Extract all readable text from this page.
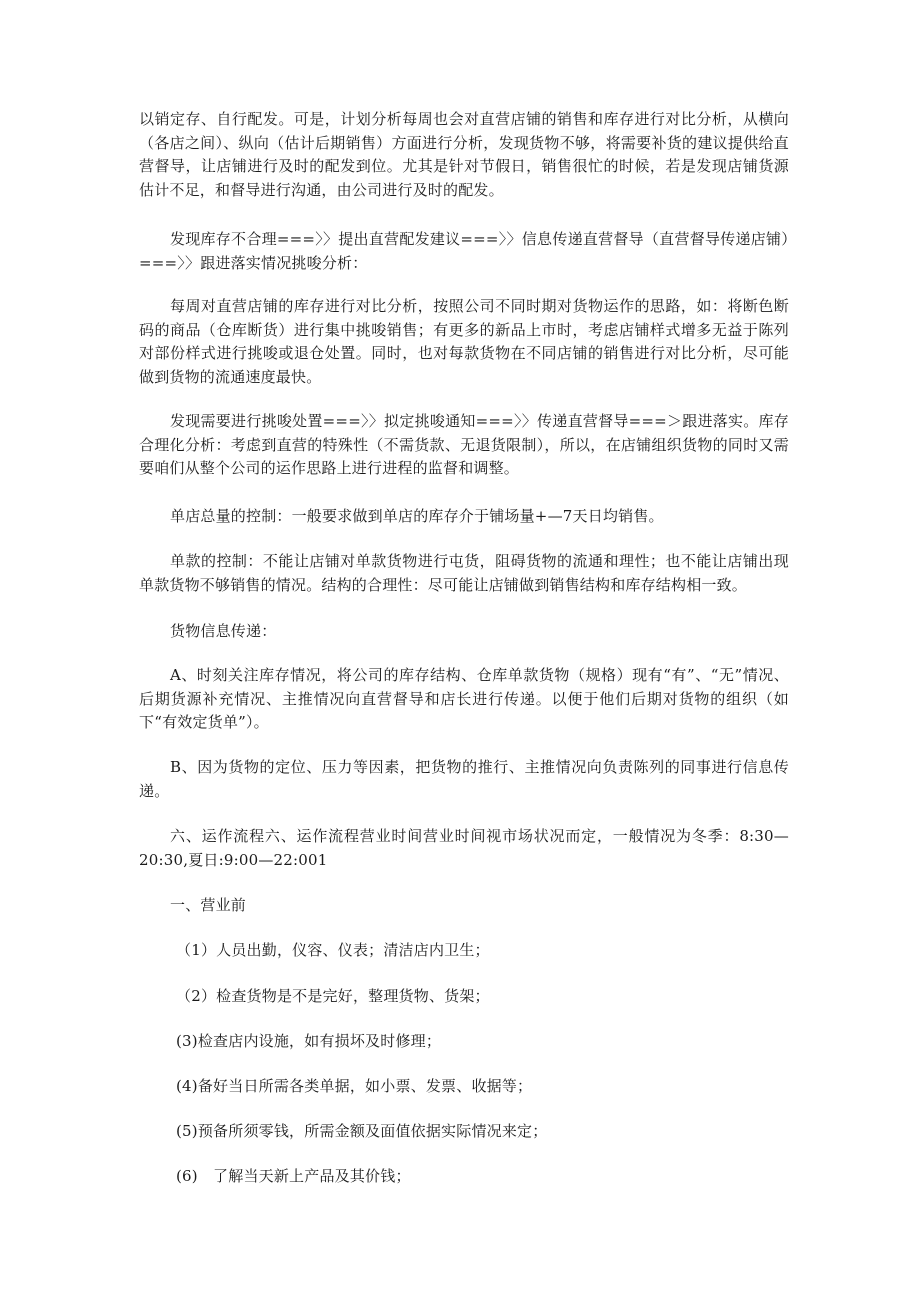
以销定存、自行配发。可是，计划分析每周也会对直营店铺的销售和库存进行对比分析，从横向（各店之间）、纵向（估计后期销售）方面进行分析，发现货物不够，将需要补货的建议提供给直营督导，让店铺进行及时的配发到位。尤其是针对节假日，销售很忙的时候，若是发现店铺货源估计不足，和督导进行沟通，由公司进行及时的配发。

发现库存不合理===〉〉提出直营配发建议===〉〉信息传递直营督导（直营督导传递店铺）===〉〉跟进落实情况挑唆分析：

每周对直营店铺的库存进行对比分析，按照公司不同时期对货物运作的思路，如：将断色断码的商品（仓库断货）进行集中挑唆销售；有更多的新品上市时，考虑店铺样式增多无益于陈列对部份样式进行挑唆或退仓处置。同时，也对每款货物在不同店铺的销售进行对比分析，尽可能做到货物的流通速度最快。

发现需要进行挑唆处置===〉〉拟定挑唆通知===〉〉传递直营督导===＞跟进落实。库存合理化分析：考虑到直营的特殊性（不需货款、无退货限制），所以，在店铺组织货物的同时又需要咱们从整个公司的运作思路上进行进程的监督和调整。

单店总量的控制：一般要求做到单店的库存介于铺场量+—7天日均销售。

单款的控制：不能让店铺对单款货物进行屯货，阻碍货物的流通和理性；也不能让店铺出现单款货物不够销售的情况。结构的合理性：尽可能让店铺做到销售结构和库存结构相一致。

货物信息传递：

A、时刻关注库存情况，将公司的库存结构、仓库单款货物（规格）现有“有”、“无”情况、后期货源补充情况、主推情况向直营督导和店长进行传递。以便于他们后期对货物的组织（如下“有效定货单”）。

B、因为货物的定位、压力等因素，把货物的推行、主推情况向负责陈列的同事进行信息传递。

六、运作流程六、运作流程营业时间营业时间视市场状况而定，一般情况为冬季：8:30—20:30,夏日:9:00—22:001

一、营业前

（1）人员出勤，仪容、仪表；清洁店内卫生；

（2）检查货物是不是完好，整理货物、货架；

(3)检查店内设施，如有损坏及时修理；

(4)备好当日所需各类单据，如小票、发票、收据等；

(5)预备所须零钱，所需金额及面值依据实际情况来定；

(6)　了解当天新上产品及其价钱；
